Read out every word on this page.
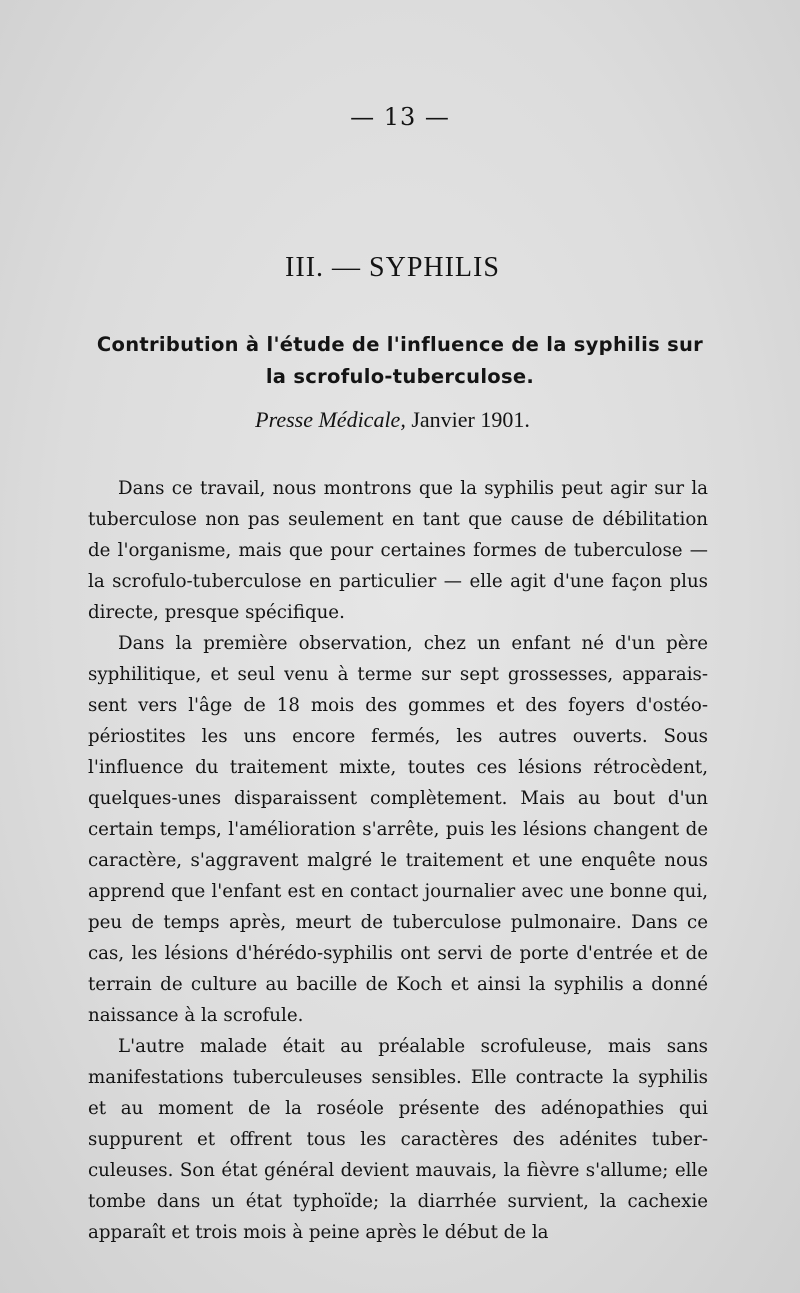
— 13 —
III. — SYPHILIS
Contribution à l'étude de l'influence de la syphilis sur la scrofulo-tuberculose.
Presse Médicale, Janvier 1901.

Dans ce travail, nous montrons que la syphilis peut agir sur la tuberculose non pas seulement en tant que cause de débilitation de l'organisme, mais que pour certaines formes de tuberculose — la scrofulo-tuberculose en particulier — elle agit d'une façon plus directe, presque spécifique.

Dans la première observation, chez un enfant né d'un père syphilitique, et seul venu à terme sur sept grossesses, apparaissent vers l'âge de 18 mois des gommes et des foyers d'ostéopériostites les uns encore fermés, les autres ouverts. Sous l'influence du traitement mixte, toutes ces lésions rétrocèdent, quelques-unes disparaissent complètement. Mais au bout d'un certain temps, l'amélioration s'arrête, puis les lésions changent de caractère, s'aggravent malgré le traitement et une enquête nous apprend que l'enfant est en contact journalier avec une bonne qui, peu de temps après, meurt de tuberculose pulmonaire. Dans ce cas, les lésions d'hérédo-syphilis ont servi de porte d'entrée et de terrain de culture au bacille de Koch et ainsi la syphilis a donné naissance à la scrofule.

L'autre malade était au préalable scrofuleuse, mais sans manifestations tuberculeuses sensibles. Elle contracte la syphilis et au moment de la roséole présente des adénopathies qui suppurent et offrent tous les caractères des adénites tuberculeuses. Son état général devient mauvais, la fièvre s'allume; elle tombe dans un état typhoïde; la diarrhée survient, la cachexie apparaît et trois mois à peine après le début de la
